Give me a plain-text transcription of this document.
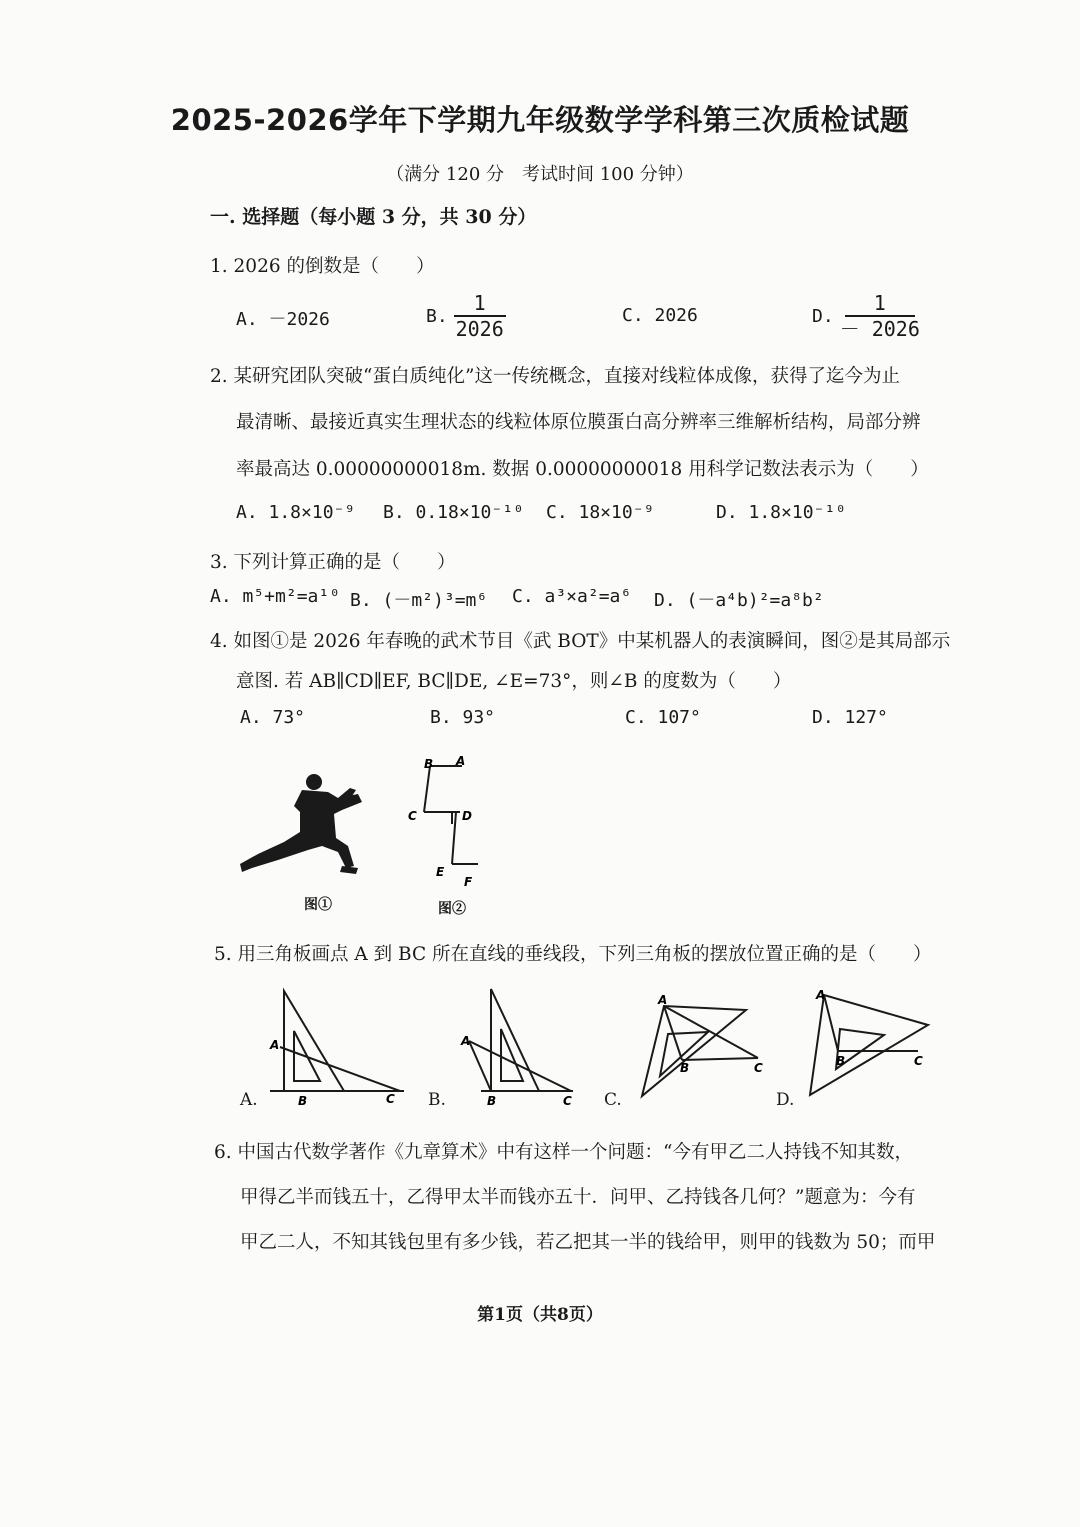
2025-2026学年下学期九年级数学学科第三次质检试题
（满分 120 分　考试时间 100 分钟）
一. 选择题（每小题 3 分，共 30 分）
1. 2026 的倒数是（　　）
A. －2026	B. $\frac{1}{2026}$	C. 2026	D. $\frac{1}{- 2026}$
2. 某研究团队突破“蛋白质纯化”这一传统概念，直接对线粒体成像，获得了迄今为止
最清晰、最接近真实生理状态的线粒体原位膜蛋白高分辨率三维解析结构，局部分辨
率最高达 0.00000000018m. 数据 0.00000000018 用科学记数法表示为（　　）
A. 1.8×10⁻⁹ B. 0.18×10⁻¹⁰ C. 18×10⁻⁹	D. 1.8×10⁻¹⁰
3. 下列计算正确的是（　　）
A. m⁵+m²=a¹⁰ B. (－m²)³=m⁶ C. a³×a²=a⁶ D. (－a⁴b)²=a⁸b²
4. 如图①是 2026 年春晚的武术节目《武 BOT》中某机器人的表演瞬间，图②是其局部示
意图. 若 AB∥CD∥EF, BC∥DE, ∠E=73°，则∠B 的度数为（　　）
A. 73°	B. 93°	C. 107°	D. 127°
图①
B A
C	D
E
F
图②
5. 用三角板画点 A 到 BC 所在直线的垂线段，下列三角板的摆放位置正确的是（　　）
A
B	C
A.
A
B	C
B.
A
B	C
C.
A
B	C
D.
6. 中国古代数学著作《九章算术》中有这样一个问题：“今有甲乙二人持钱不知其数，
甲得乙半而钱五十，乙得甲太半而钱亦五十．问甲、乙持钱各几何？”题意为：今有
甲乙二人，不知其钱包里有多少钱，若乙把其一半的钱给甲，则甲的钱数为 50；而甲
第1页（共8页）
